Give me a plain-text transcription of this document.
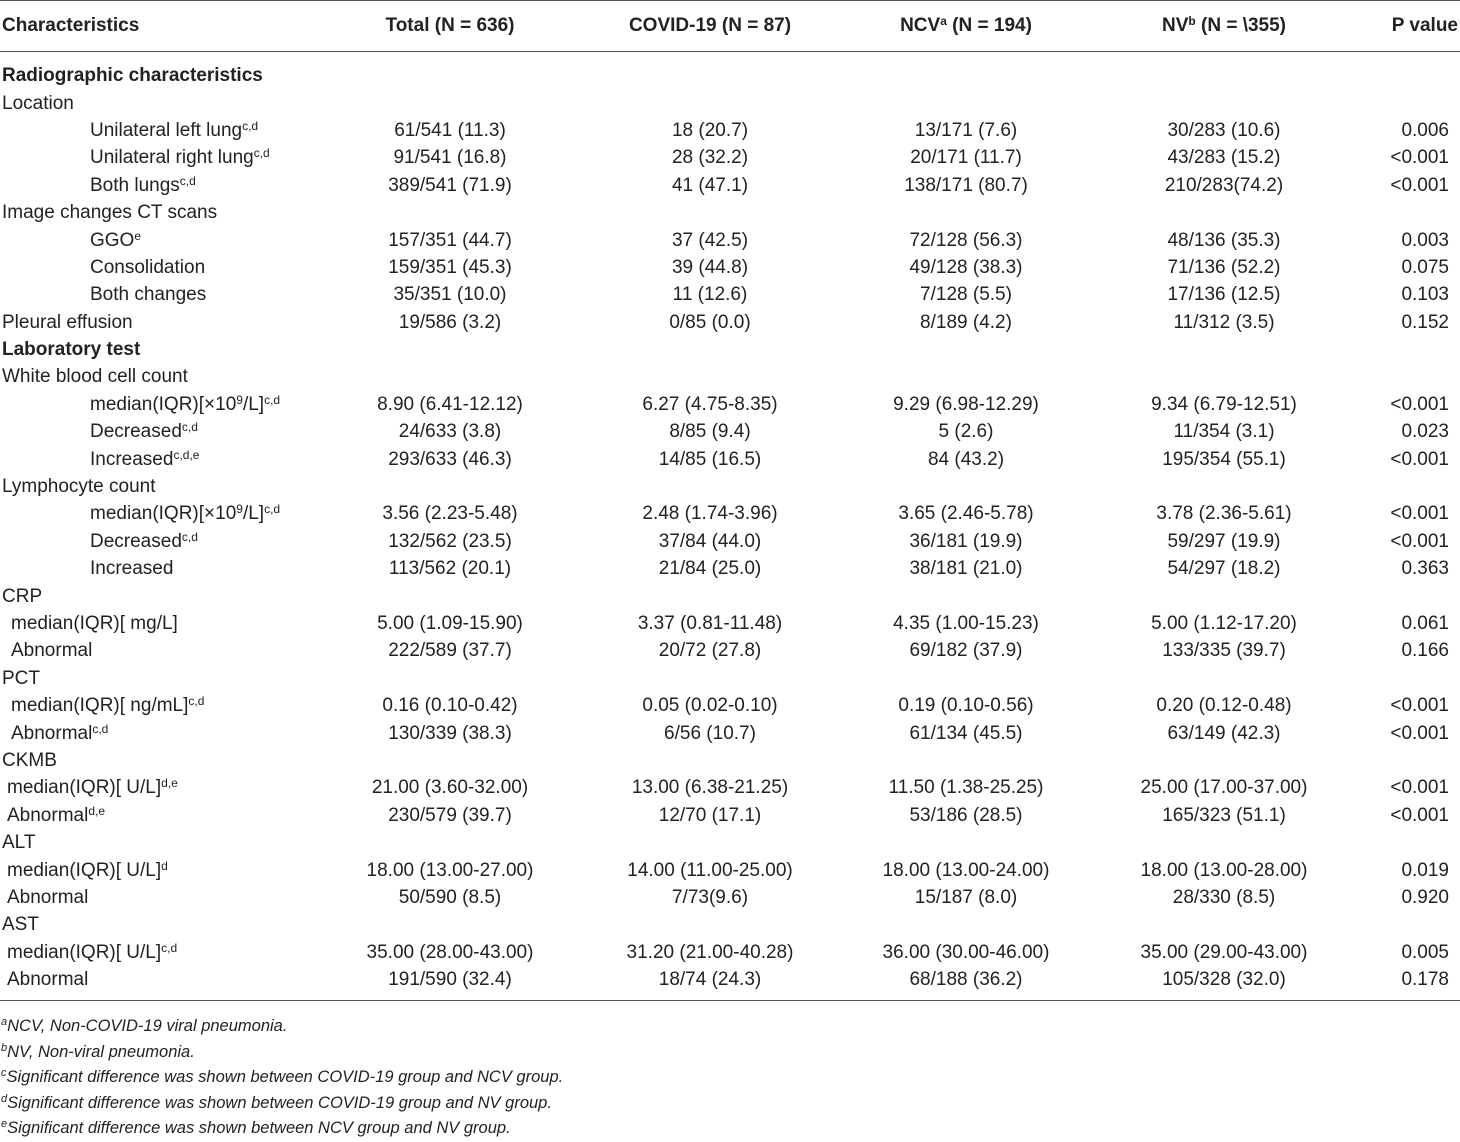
Characteristics	Total (N = 636)	COVID-19 (N = 87)	NCV$^a$ (N = 194)	$NV^b$ (N = \355)	P value
Radiographic characteristics					
Location					
Unilateral left lung$^{c,d}$	61/541 (11.3)	18 (20.7)	13/171 (7.6)	30/283 (10.6)	0.006
Unilateral right lung$^{c,d}$	91/541 (16.8)	28 (32.2)	20/171 (11.7)	43/283 (15.2)	<0.001
Both lungs$^{c,d}$	389/541 (71.9)	41 (47.1)	138/171 (80.7)	210/283(74.2)	<0.001
Image changes CT scans					
GGO$^e$	157/351 (44.7)	37 (42.5)	72/128 (56.3)	48/136 (35.3)	0.003
Consolidation	159/351 (45.3)	39 (44.8)	49/128 (38.3)	71/136 (52.2)	0.075
Both changes	35/351 (10.0)	11 (12.6)	7/128 (5.5)	17/136 (12.5)	0.103
Pleural effusion	19/586 (3.2)	0/85 (0.0)	8/189 (4.2)	11/312 (3.5)	0.152
Laboratory test					
White blood cell count					
$median(IQR)[\times 10^9/L]^{c,d}$	8.90 (6.41-12.12)	6.27 (4.75-8.35)	9.29 (6.98-12.29)	9.34 (6.79-12.51)	<0.001
Decreased$^{c,d}$	24/633 (3.8)	8/85 (9.4)	5 (2.6)	11/354 (3.1)	0.023
Increased$^{c,d,e}$	293/633 (46.3)	14/85 (16.5)	84 (43.2)	195/354 (55.1)	<0.001
Lymphocyte count					
$median(IQR)[\times 10^9/L]^{c,d}$	3.56 (2.23-5.48)	2.48 (1.74-3.96)	3.65 (2.46-5.78)	3.78 (2.36-5.61)	<0.001
Decreased$^{c,d}$	132/562 (23.5)	37/84 (44.0)	36/181 (19.9)	59/297 (19.9)	<0.001
Increased	113/562 (20.1)	21/84 (25.0)	38/181 (21.0)	54/297 (18.2)	0.363
CRP					
median(IQR)[ mg/L]	5.00 (1.09-15.90)	3.37 (0.81-11.48)	4.35 (1.00-15.23)	5.00 (1.12-17.20)	0.061
Abnormal	222/589 (37.7)	20/72 (27.8)	69/182 (37.9)	133/335 (39.7)	0.166
PCT					
median(IQR)[ ng/mL]$^{c,d}$	0.16 (0.10-0.42)	0.05 (0.02-0.10)	0.19 (0.10-0.56)	0.20 (0.12-0.48)	<0.001
Abnormal$^{c,d}$	130/339 (38.3)	6/56 (10.7)	61/134 (45.5)	63/149 (42.3)	<0.001
CKMB					
median(IQR)[ U/L]$^{d,e}$	21.00 (3.60-32.00)	13.00 (6.38-21.25)	11.50 (1.38-25.25)	25.00 (17.00-37.00)	<0.001
Abnormal$^{d,e}$	230/579 (39.7)	12/70 (17.1)	53/186 (28.5)	165/323 (51.1)	<0.001
ALT					
median(IQR)[ U/L]$^d$	18.00 (13.00-27.00)	14.00 (11.00-25.00)	18.00 (13.00-24.00)	18.00 (13.00-28.00)	0.019
Abnormal	50/590 (8.5)	7/73(9.6)	15/187 (8.0)	28/330 (8.5)	0.920
AST					
median(IQR)[ U/L]$^{c,d}$	35.00 (28.00-43.00)	31.20 (21.00-40.28)	36.00 (30.00-46.00)	35.00 (29.00-43.00)	0.005
Abnormal	191/590 (32.4)	18/74 (24.3)	68/188 (36.2)	105/328 (32.0)	0.178
$^a$NCV, Non-COVID-19 viral pneumonia.
$^b$NV, Non-viral pneumonia.
$^c$Significant difference was shown between COVID-19 group and NCV group.
$^d$Significant difference was shown between COVID-19 group and NV group.
$^e$Significant difference was shown between NCV group and NV group.
